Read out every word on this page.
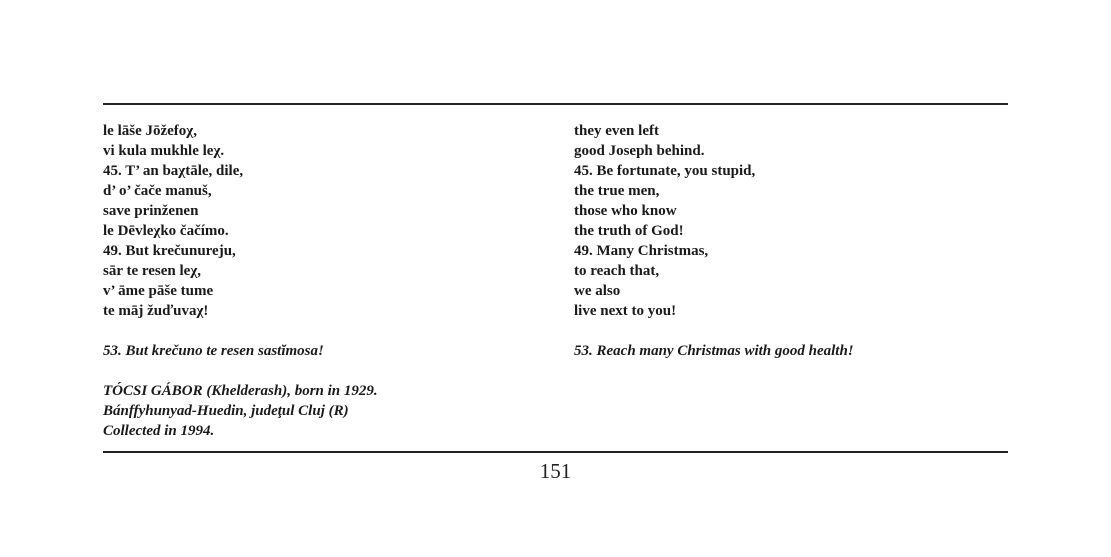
le lāše Jōžefoχ,
vi kula mukhle leχ.
45. T’ an baχtāle, dile,
d’ o’ čače manuš,
save prinženen
le Dēvleχko čačímo.
49. But krečunureju,
sār te resen leχ,
v’ āme pāše tume
te māj žuďuvaχ!
53. But krečuno te resen sastĭmosa!
TÓCSI GÁBOR (Khelderash), born in 1929.
Bánffyhunyad-Huedin, judeţul Cluj (R)
Collected in 1994.
they even left
good Joseph behind.
45. Be fortunate, you stupid,
the true men,
those who know
the truth of God!
49. Many Christmas,
to reach that,
we also
live next to you!
53. Reach many Christmas with good health!
151
